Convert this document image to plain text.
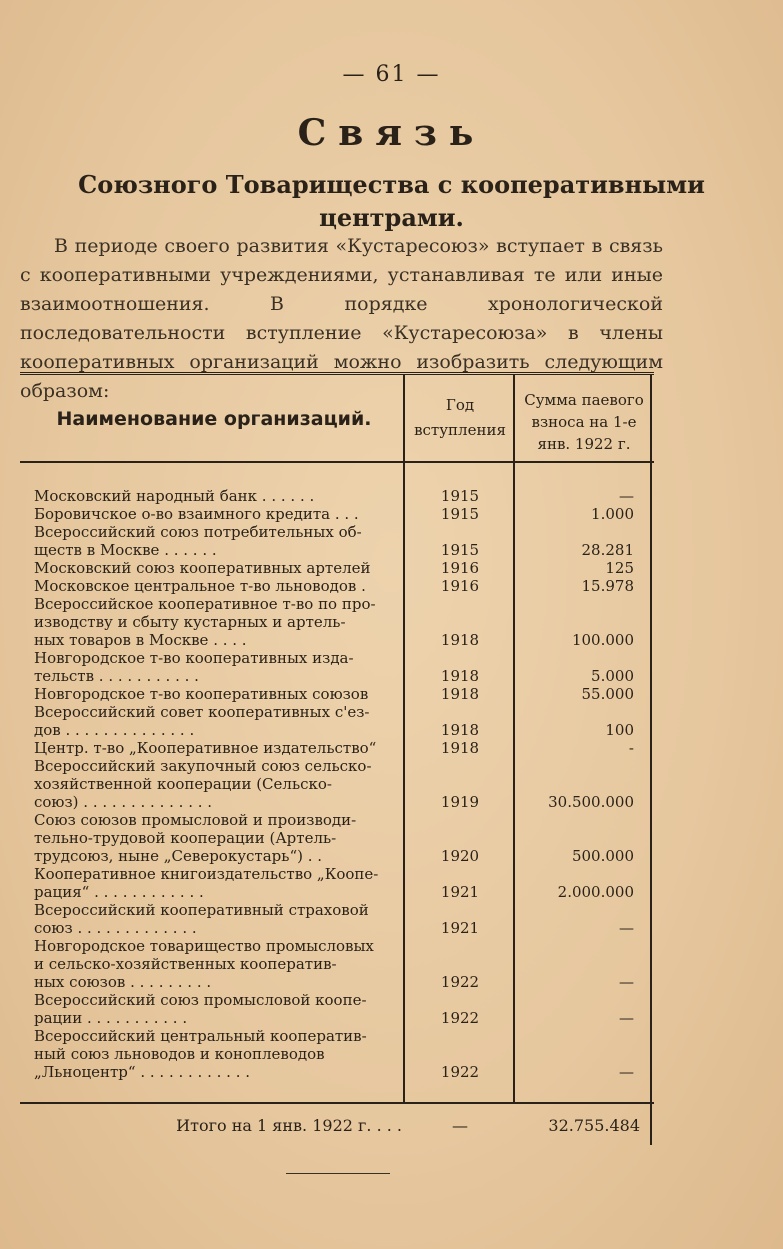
— 61 —
Связь
Союзного Товарищества с кооперативными центрами.
В периоде своего развития «Кустаресоюз» вступает в связь с кооперативными учреждениями, устанавливая те или иные взаимоотношения. В порядке хронологической последовательности вступление «Кустаресоюза» в члены кооперативных организаций можно изобразить следующим образом:
Наименование организаций.
Год вступления
Сумма паевого взноса на 1-е янв. 1922 г.
Московский народный банк . . . . . .	1915	—
Боровичское о-во взаимного кредита . . .	1915	1.000
Всероссийский союз потребительных об-
ществ в Москве . . . . . .	1915	28.281
Московский союз кооперативных артелей	1916	125
Московское центральное т-во льноводов .	1916	15.978
Всероссийское кооперативное т-во по про-
изводству и сбыту кустарных и артель-
ных товаров в Москве . . . .	1918	100.000
Новгородское т-во кооперативных изда-
тельств . . . . . . . . . . .	1918	5.000
Новгородское т-во кооперативных союзов	1918	55.000
Всероссийский совет кооперативных с'ез-
дов . . . . . . . . . . . . . .	1918	100
Центр. т-во „Кооперативное издательство“	1918	-
Всероссийский закупочный союз сельско-
хозяйственной кооперации (Сельско-
союз) . . . . . . . . . . . . . .	1919	30.500.000
Союз союзов промысловой и производи-
тельно-трудовой кооперации (Артель-
трудсоюз, ныне „Северокустарь“) . .	1920	500.000
Кооперативное книгоиздательство „Коопе-
рация“ . . . . . . . . . . . .	1921	2.000.000
Всероссийский кооперативный страховой
союз . . . . . . . . . . . . .	1921	—
Новгородское товарищество промысловых
и сельско-хозяйственных кооператив-
ных союзов . . . . . . . . .	1922	—
Всероссийский союз промысловой коопе-
рации . . . . . . . . . . .	1922	—
Всероссийский центральный кооператив-
ный союз льноводов и коноплеводов
„Льноцентр“ . . . . . . . . . . . .	1922	—
Итого на 1 янв. 1922 г. . . .	—	32.755.484
